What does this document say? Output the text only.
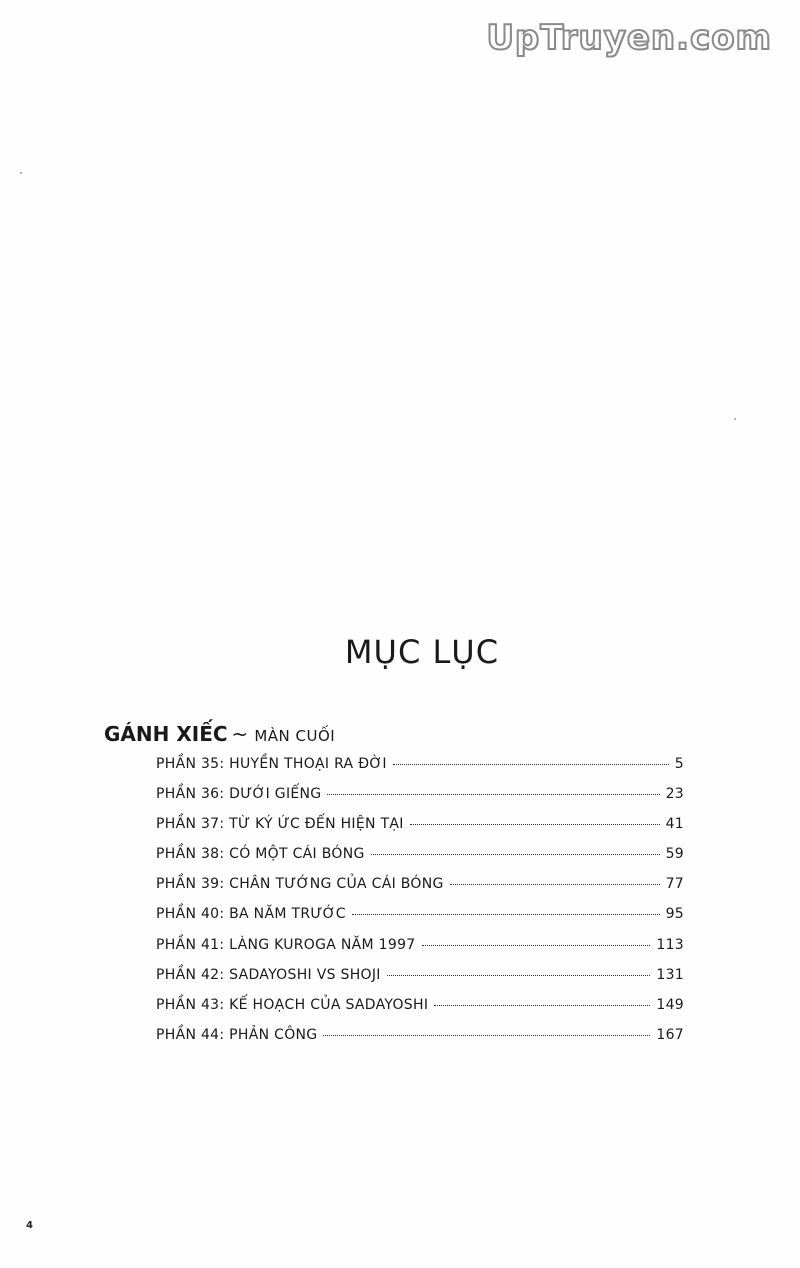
UpTruyen.com
MỤC LỤC
GÁNH XIẾC ~ MÀN CUỐI
PHẦN 35: HUYỀN THOẠI RA ĐỜI	5
PHẦN 36: DƯỚI GIẾNG	23
PHẦN 37: TỪ KÝ ỨC ĐẾN HIỆN TẠI	41
PHẦN 38: CÓ MỘT CÁI BÓNG	59
PHẦN 39: CHÂN TƯỚNG CỦA CÁI BÓNG	77
PHẦN 40: BA NĂM TRƯỚC	95
PHẦN 41: LÀNG KUROGA NĂM 1997	113
PHẦN 42: SADAYOSHI VS SHOJI	131
PHẦN 43: KẾ HOẠCH CỦA SADAYOSHI	149
PHẦN 44: PHẢN CÔNG	167
4
